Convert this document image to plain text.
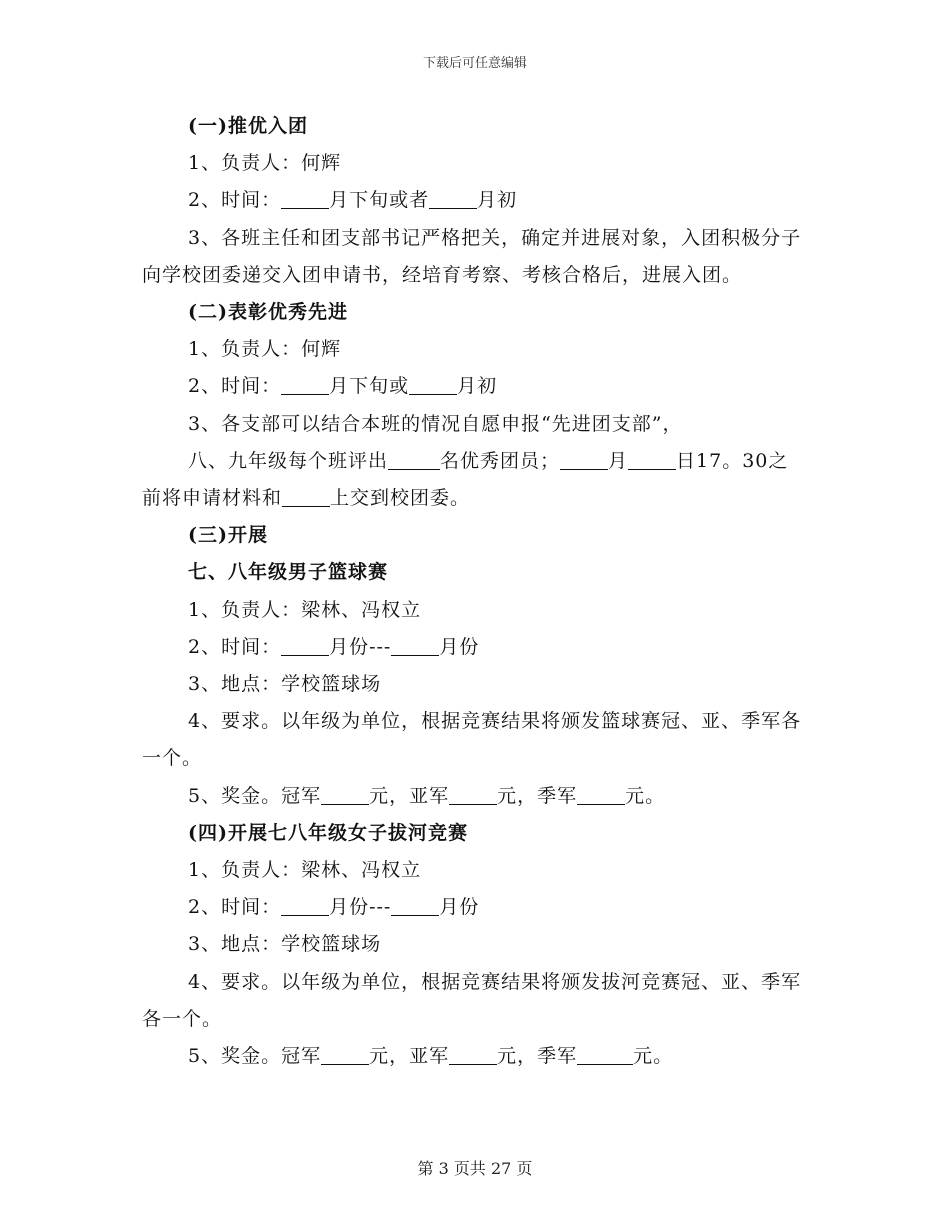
下载后可任意编辑

(一)推优入团

1、负责人：何辉

2、时间：	月下旬或者	月初

3、各班主任和团支部书记严格把关，确定并进展对象，入团积极分子向学校团委递交入团申请书，经培育考察、考核合格后，进展入团。

(二)表彰优秀先进

1、负责人：何辉

2、时间：	月下旬或	月初

3、各支部可以结合本班的情况自愿申报“先进团支部”，

八、九年级每个班评出	名优秀团员；	月	日17。30之前将申请材料和	上交到校团委。

(三)开展

七、八年级男子篮球赛

1、负责人：梁林、冯权立

2、时间：	月份---	月份

3、地点：学校篮球场

4、要求。以年级为单位，根据竞赛结果将颁发篮球赛冠、亚、季军各一个。

5、奖金。冠军	元，亚军	元，季军	元。

(四)开展七八年级女子拔河竞赛

1、负责人：梁林、冯权立

2、时间：	月份---	月份

3、地点：学校篮球场

4、要求。以年级为单位，根据竞赛结果将颁发拔河竞赛冠、亚、季军各一个。

5、奖金。冠军	元，亚军	元，季军	元。

第 3 页共 27 页
